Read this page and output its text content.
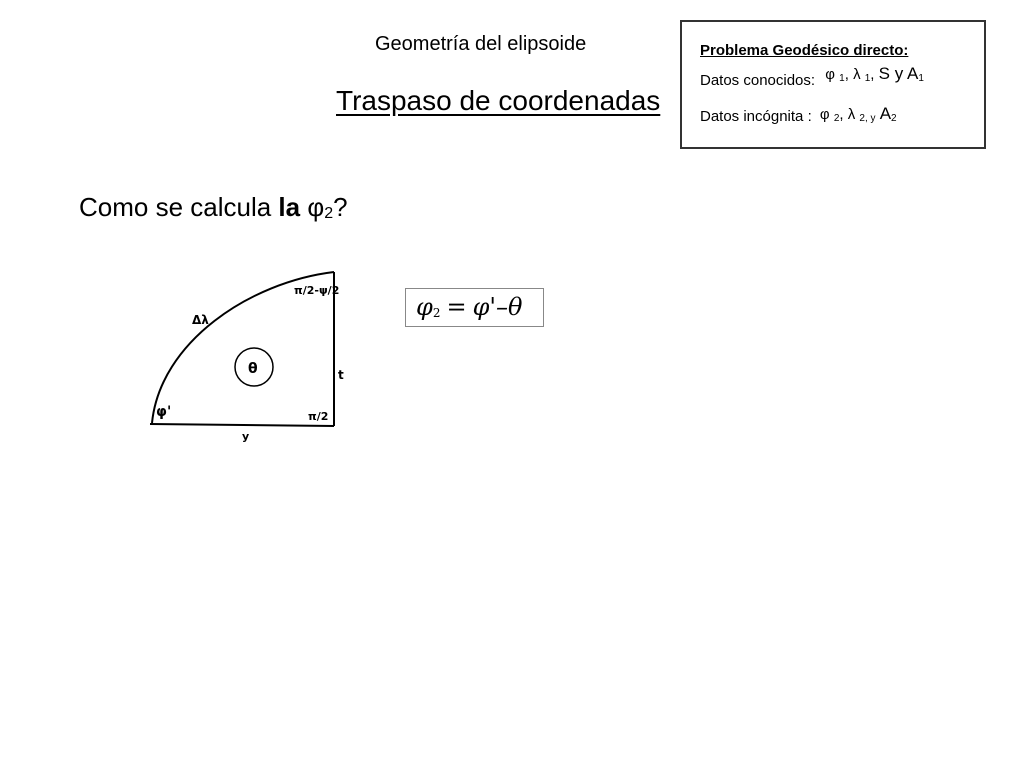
Geometría del elipsoide
Traspaso de coordenadas
Problema Geodésico directo:
Datos conocidos: φ $_1$, λ $_1$, S y $A_1$
Datos incógnita : φ $_2$, λ $_{2, y}$ $A_2$
Como se calcula la $\varphi_2$?
$\varphi_2 = \varphi'-\theta$
Δλ
π/2-ψ/2
θ	t
π/2
φ'
y
